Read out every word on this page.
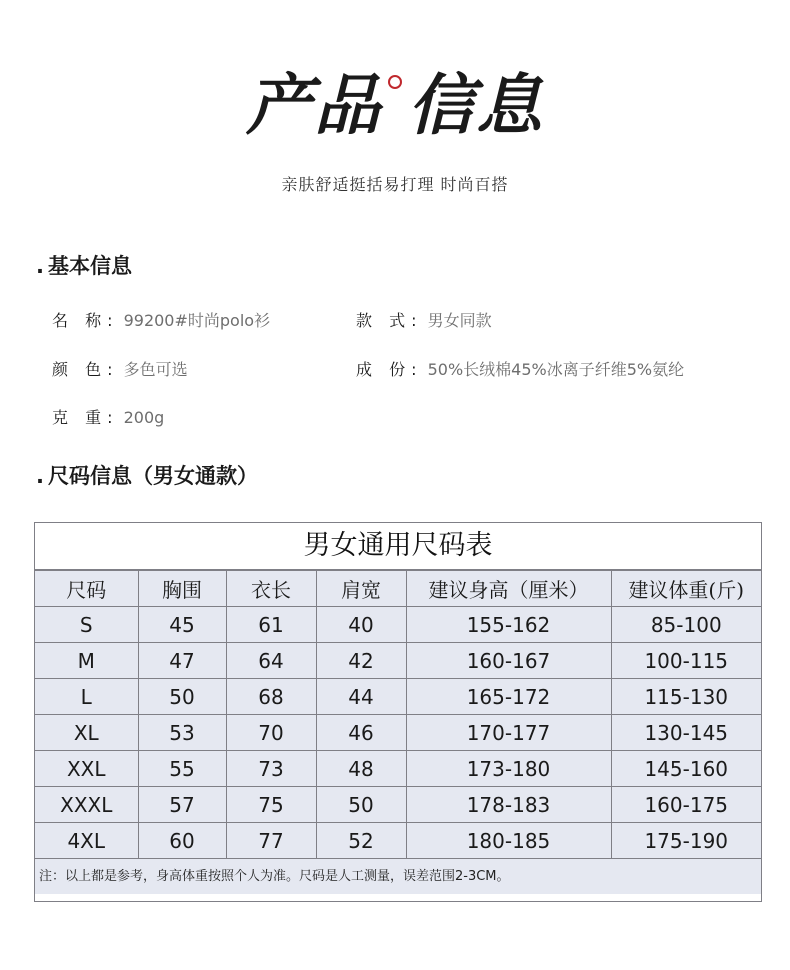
产品 信息
亲肤舒适挺括易打理 时尚百搭
. 基本信息
名 称: 99200#时尚polo衫	款 式: 男女同款
颜 色: 多色可选	成 份: 50%长绒棉45%冰离子纤维5%氨纶
克 重: 200g
. 尺码信息（男女通款）
男女通用尺码表
尺码	胸围	衣长	肩宽	建议身高（厘米）	建议体重(斤)
S	45	61	40	155-162	85-100
M	47	64	42	160-167	100-115
L	50	68	44	165-172	115-130
XL	53	70	46	170-177	130-145
XXL	55	73	48	173-180	145-160
XXXL	57	75	50	178-183	160-175
4XL	60	77	52	180-185	175-190
注：以上都是参考，身高体重按照个人为准。尺码是人工测量，误差范围2-3CM。
